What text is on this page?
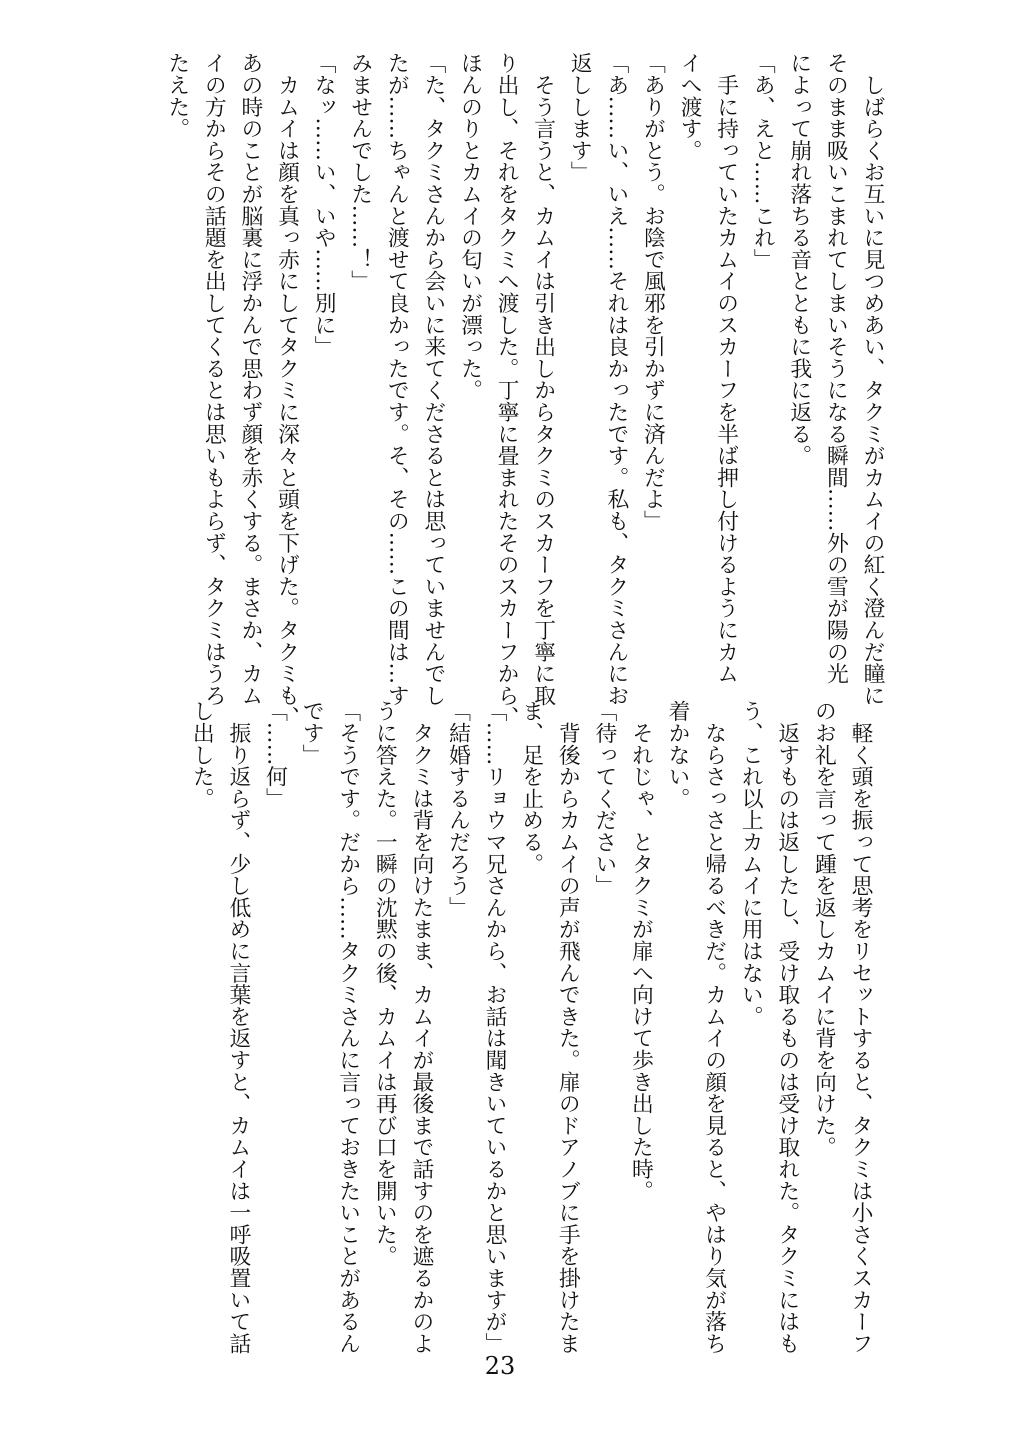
　しばらくお互いに見つめあい、タクミがカムイの紅く澄んだ瞳に
そのまま吸いこまれてしまいそうになる瞬間……外の雪が陽の光
によって崩れ落ちる音とともに我に返る。
「あ、えと……これ」
　手に持っていたカムイのスカーフを半ば押し付けるようにカム
イへ渡す。
「ありがとう。お陰で風邪を引かずに済んだよ」
「あ……い、いえ……それは良かったです。私も、タクミさんにお
返しします」
　そう言うと、カムイは引き出しからタクミのスカーフを丁寧に取
り出し、それをタクミへ渡した。丁寧に畳まれたそのスカーフから、
ほんのりとカムイの匂いが漂った。
「た、タクミさんから会いに来てくださるとは思っていませんでし
たが……ちゃんと渡せて良かったです。そ、その……この間は…す
みませんでした……！」
「なッ……い、いや……別に」
　カムイは顔を真っ赤にしてタクミに深々と頭を下げた。タクミも、
あの時のことが脳裏に浮かんで思わず顔を赤くする。まさか、カム
イの方からその話題を出してくるとは思いもよらず、タクミはうろ
たえた。
　軽く頭を振って思考をリセットすると、タクミは小さくスカーフ
のお礼を言って踵を返しカムイに背を向けた。
　返すものは返したし、受け取るものは受け取れた。タクミにはも
う、これ以上カムイに用はない。
　ならさっさと帰るべきだ。カムイの顔を見ると、やはり気が落ち
着かない。
　それじゃ、とタクミが扉へ向けて歩き出した時。
「待ってください」
　背後からカムイの声が飛んできた。扉のドアノブに手を掛けたま
ま、足を止める。
「……リョウマ兄さんから、お話は聞きいているかと思いますが」
「結婚するんだろう」
　タクミは背を向けたまま、カムイが最後まで話すのを遮るかのよ
うに答えた。一瞬の沈黙の後、カムイは再び口を開いた。
「そうです。だから……タクミさんに言っておきたいことがあるん
です」
「……何」
　振り返らず、少し低めに言葉を返すと、カムイは一呼吸置いて話
し出した。
23
